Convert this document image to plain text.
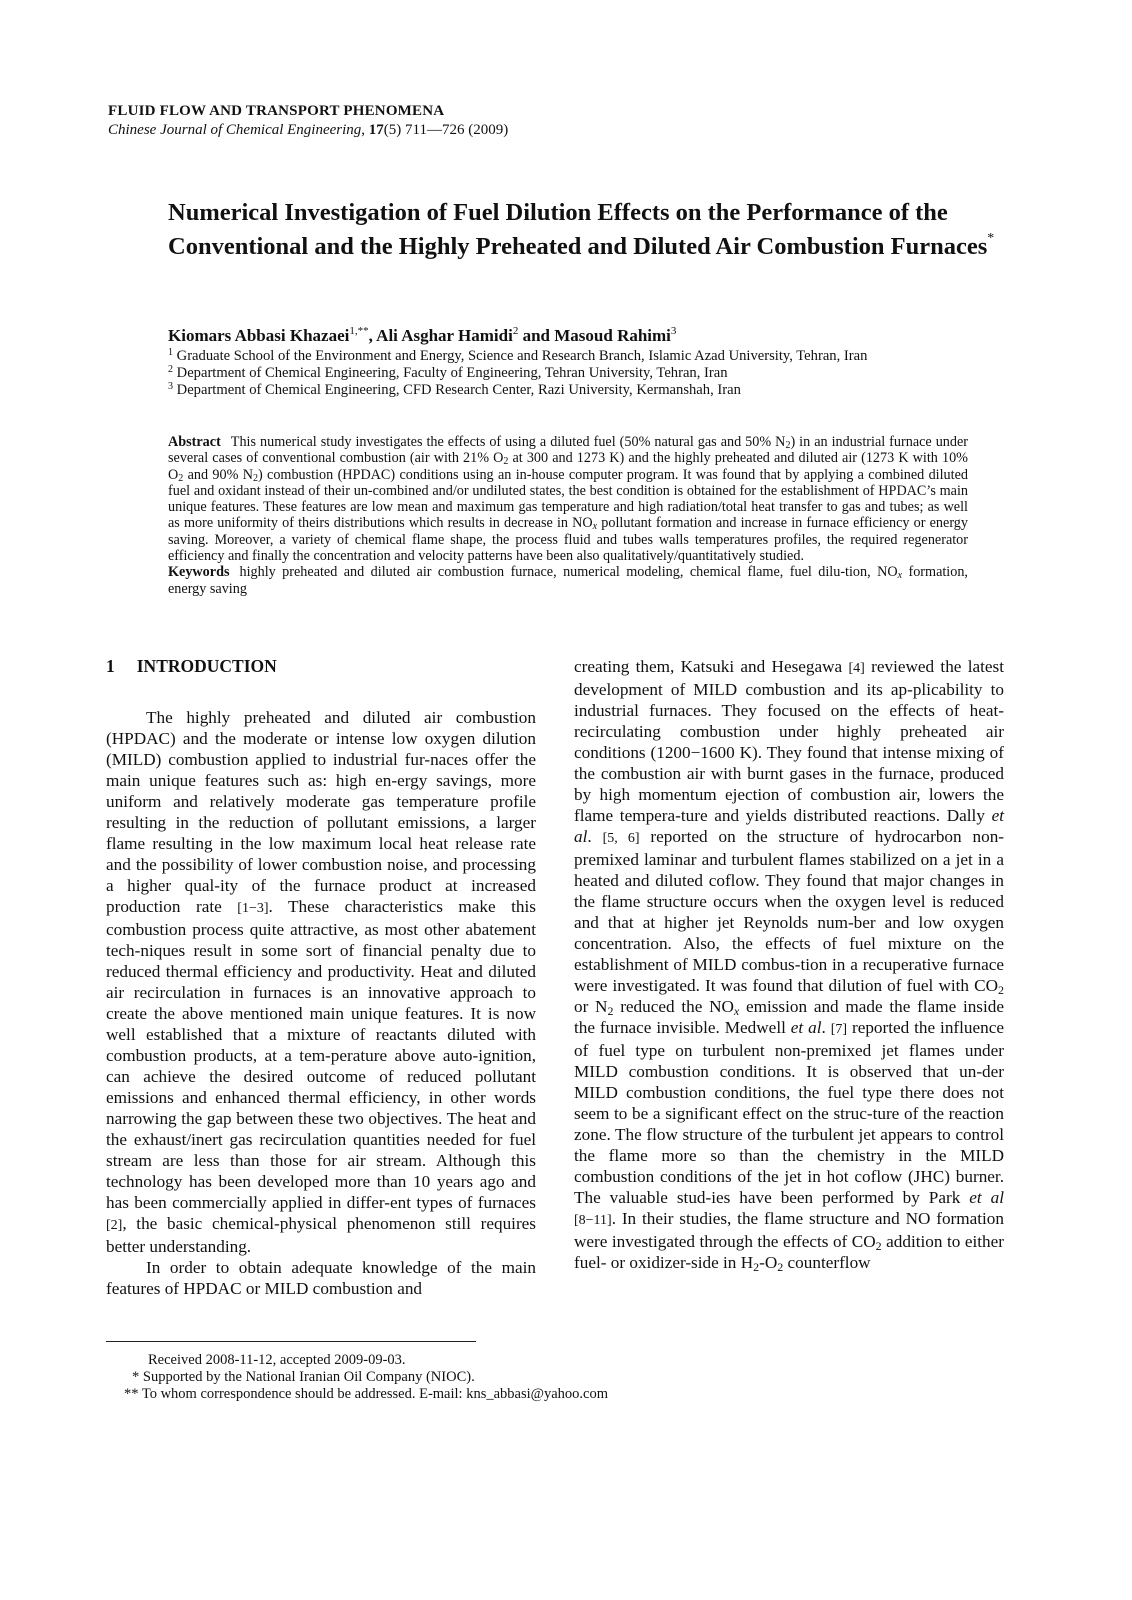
FLUID FLOW AND TRANSPORT PHENOMENA
Chinese Journal of Chemical Engineering, 17(5) 711—726 (2009)
Numerical Investigation of Fuel Dilution Effects on the Performance of the Conventional and the Highly Preheated and Diluted Air Combustion Furnaces*
Kiomars Abbasi Khazaei$^{1,**}$, Ali Asghar Hamidi$^2$ and Masoud Rahimi$^3$
$^1$ Graduate School of the Environment and Energy, Science and Research Branch, Islamic Azad University, Tehran, Iran
$^2$ Department of Chemical Engineering, Faculty of Engineering, Tehran University, Tehran, Iran
$^3$ Department of Chemical Engineering, CFD Research Center, Razi University, Kermanshah, Iran
Abstract This numerical study investigates the effects of using a diluted fuel (50% natural gas and 50% $N_2$) in an industrial furnace under several cases of conventional combustion (air with 21% $O_2$ at 300 and 1273 K) and the highly preheated and diluted air (1273 K with 10% $O_2$ and 90% $N_2$) combustion (HPDAC) conditions using an in-house computer program. It was found that by applying a combined diluted fuel and oxidant instead of their un-combined and/or undiluted states, the best condition is obtained for the establishment of HPDAC’s main unique features. These features are low mean and maximum gas temperature and high radiation/total heat transfer to gas and tubes; as well as more uniformity of theirs distributions which results in decrease in $NO_x$ pollutant formation and increase in furnace efficiency or energy saving. Moreover, a variety of chemical flame shape, the process fluid and tubes walls temperatures profiles, the required regenerator efficiency and finally the concentration and velocity patterns have been also qualitatively/quantitatively studied.
Keywords highly preheated and diluted air combustion furnace, numerical modeling, chemical flame, fuel dilu-tion, $NO_x$ formation, energy saving

1 INTRODUCTION

The highly preheated and diluted air combustion (HPDAC) and the moderate or intense low oxygen dilution (MILD) combustion applied to industrial fur-naces offer the main unique features such as: high en-ergy savings, more uniform and relatively moderate gas temperature profile resulting in the reduction of pollutant emissions, a larger flame resulting in the low maximum local heat release rate and the possibility of lower combustion noise, and processing a higher qual-ity of the furnace product at increased production rate [1−3]. These characteristics make this combustion process quite attractive, as most other abatement tech-niques result in some sort of financial penalty due to reduced thermal efficiency and productivity. Heat and diluted air recirculation in furnaces is an innovative approach to create the above mentioned main unique features. It is now well established that a mixture of reactants diluted with combustion products, at a tem-perature above auto-ignition, can achieve the desired outcome of reduced pollutant emissions and enhanced thermal efficiency, in other words narrowing the gap between these two objectives. The heat and the exhaust/inert gas recirculation quantities needed for fuel stream are less than those for air stream. Although this technology has been developed more than 10 years ago and has been commercially applied in differ-ent types of furnaces [2], the basic chemical-physical phenomenon still requires better understanding.

In order to obtain adequate knowledge of the main features of HPDAC or MILD combustion and

creating them, Katsuki and Hesegawa [4] reviewed the latest development of MILD combustion and its ap-plicability to industrial furnaces. They focused on the effects of heat-recirculating combustion under highly preheated air conditions (1200−1600 K). They found that intense mixing of the combustion air with burnt gases in the furnace, produced by high momentum ejection of combustion air, lowers the flame tempera-ture and yields distributed reactions. Dally et al. [5, 6] reported on the structure of hydrocarbon non-premixed laminar and turbulent flames stabilized on a jet in a heated and diluted coflow. They found that major changes in the flame structure occurs when the oxygen level is reduced and that at higher jet Reynolds num-ber and low oxygen concentration. Also, the effects of fuel mixture on the establishment of MILD combus-tion in a recuperative furnace were investigated. It was found that dilution of fuel with $CO_2$ or $N_2$ reduced the $NO_x$ emission and made the flame inside the furnace invisible. Medwell et al. [7] reported the influence of fuel type on turbulent non-premixed jet flames under MILD combustion conditions. It is observed that un-der MILD combustion conditions, the fuel type there does not seem to be a significant effect on the struc-ture of the reaction zone. The flow structure of the turbulent jet appears to control the flame more so than the chemistry in the MILD combustion conditions of the jet in hot coflow (JHC) burner. The valuable stud-ies have been performed by Park et al [8−11]. In their studies, the flame structure and NO formation were investigated through the effects of $CO_2$ addition to either fuel- or oxidizer-side in $H_2-O_2$ counterflow

Received 2008-11-12, accepted 2009-09-03.
* Supported by the National Iranian Oil Company (NIOC).
** To whom correspondence should be addressed. E-mail: kns_abbasi@yahoo.com
